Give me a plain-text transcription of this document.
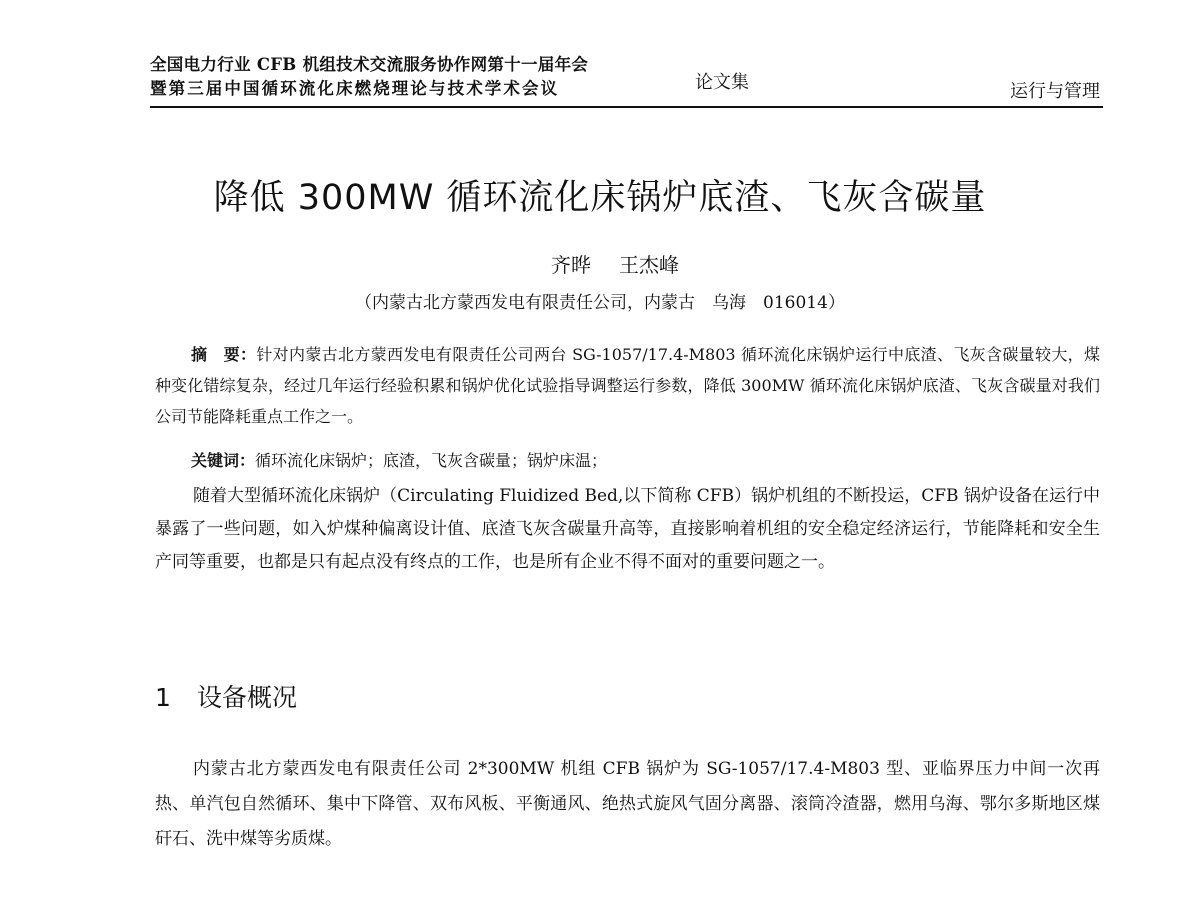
全国电力行业 CFB 机组技术交流服务协作网第十一届年会
暨第三届中国循环流化床燃烧理论与技术学术会议	论文集	运行与管理
降低 300MW 循环流化床锅炉底渣、飞灰含碳量
齐晔 王杰峰
（内蒙古北方蒙西发电有限责任公司，内蒙古　乌海　016014）

摘　要：针对内蒙古北方蒙西发电有限责任公司两台 SG-1057/17.4-M803 循环流化床锅炉运行中底渣、飞灰含碳量较大，煤种变化错综复杂，经过几年运行经验积累和锅炉优化试验指导调整运行参数，降低 300MW 循环流化床锅炉底渣、飞灰含碳量对我们公司节能降耗重点工作之一。

关键词：循环流化床锅炉；底渣，飞灰含碳量；锅炉床温；

随着大型循环流化床锅炉（Circulating Fluidized Bed,以下简称 CFB）锅炉机组的不断投运，CFB 锅炉设备在运行中暴露了一些问题，如入炉煤种偏离设计值、底渣飞灰含碳量升高等，直接影响着机组的安全稳定经济运行，节能降耗和安全生产同等重要，也都是只有起点没有终点的工作，也是所有企业不得不面对的重要问题之一。

1 设备概况

内蒙古北方蒙西发电有限责任公司 2*300MW 机组 CFB 锅炉为 SG-1057/17.4-M803 型、亚临界压力中间一次再热、单汽包自然循环、集中下降管、双布风板、平衡通风、绝热式旋风气固分离器、滚筒冷渣器，燃用乌海、鄂尔多斯地区煤矸石、洗中煤等劣质煤。
